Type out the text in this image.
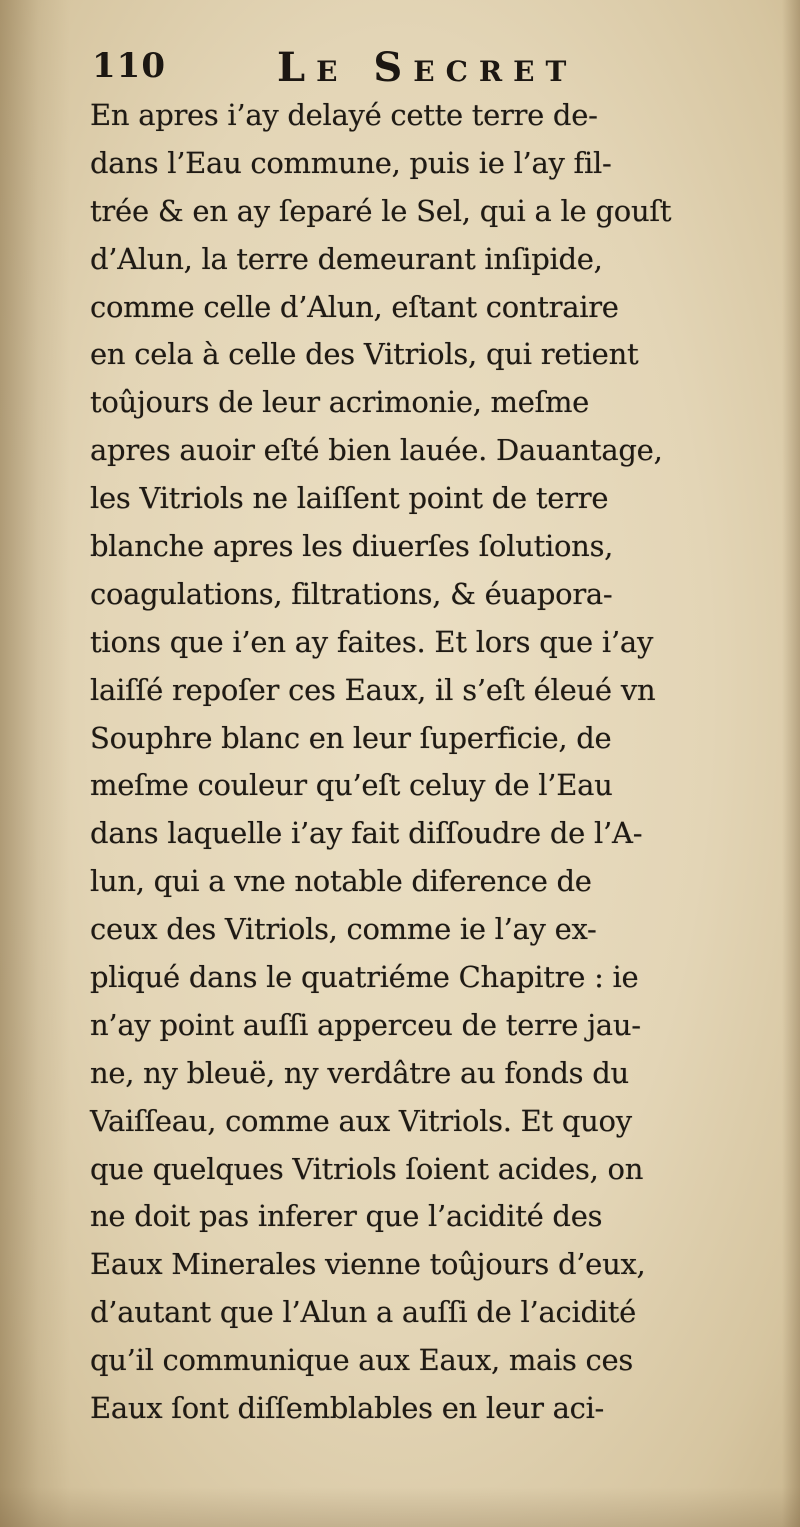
110	Le Secret
En apres i’ay delayé cette terre de-
dans l’Eau commune, puis ie l’ay fil-
trée & en ay ſeparé le Sel, qui a le gouſt
d’Alun, la terre demeurant inſipide,
comme celle d’Alun, eſtant contraire
en cela à celle des Vitriols, qui retient
toûjours de leur acrimonie, meſme
apres auoir eſté bien lauée. Dauantage,
les Vitriols ne laiſſent point de terre
blanche apres les diuerſes ſolutions,
coagulations, filtrations, & éuapora-
tions que i’en ay faites. Et lors que i’ay
laiſſé repoſer ces Eaux, il s’eſt éleué vn
Souphre blanc en leur ſuperficie, de
meſme couleur qu’eſt celuy de l’Eau
dans laquelle i’ay fait diſſoudre de l’A-
lun, qui a vne notable diference de
ceux des Vitriols, comme ie l’ay ex-
pliqué dans le quatriéme Chapitre : ie
n’ay point auſſi apperceu de terre jau-
ne, ny bleuë, ny verdâtre au fonds du
Vaiſſeau, comme aux Vitriols. Et quoy
que quelques Vitriols ſoient acides, on
ne doit pas inferer que l’acidité des
Eaux Minerales vienne toûjours d’eux,
d’autant que l’Alun a auſſi de l’acidité
qu’il communique aux Eaux, mais ces
Eaux ſont diſſemblables en leur aci-
